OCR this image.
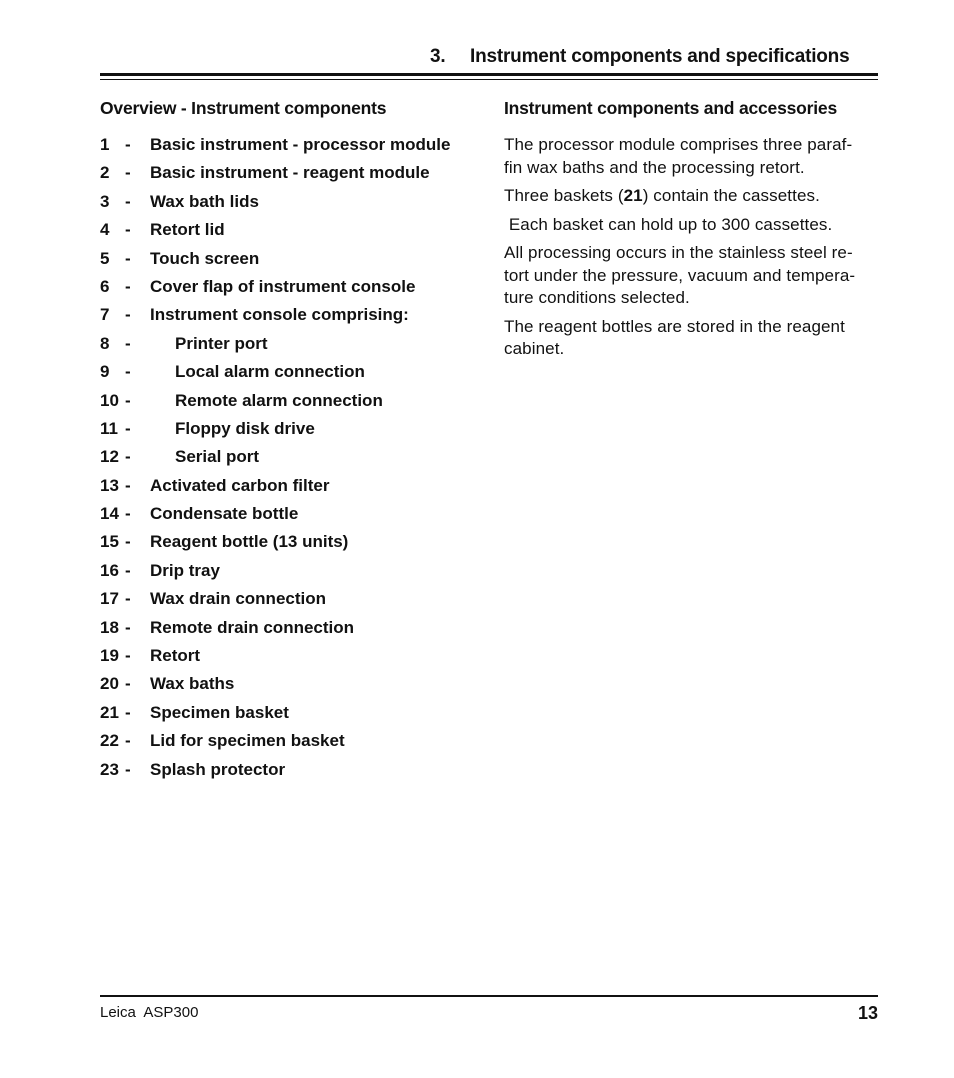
3. Instrument components and specifications
Overview - Instrument components
1 - Basic instrument - processor module
2 - Basic instrument - reagent module
3 - Wax bath lids
4 - Retort lid
5 - Touch screen
6 - Cover flap of instrument console
7 - Instrument console comprising:
8 -	Printer port
9 -	Local alarm connection
10 -	Remote alarm connection
11 -	Floppy disk drive
12 -	Serial port
13 - Activated carbon filter
14 - Condensate bottle
15 - Reagent bottle (13 units)
16 - Drip tray
17 - Wax drain connection
18 - Remote drain connection
19 - Retort
20 - Wax baths
21 - Specimen basket
22 - Lid for specimen basket
23 - Splash protector
Instrument components and accessories

The processor module comprises three paraf-
fin wax baths and the processing retort.

Three baskets (21) contain the cassettes.

Each basket can hold up to 300 cassettes.

All processing occurs in the stainless steel re-
tort under the pressure, vacuum and tempera-
ture conditions selected.

The reagent bottles are stored in the reagent
cabinet.

Leica  ASP300	13
